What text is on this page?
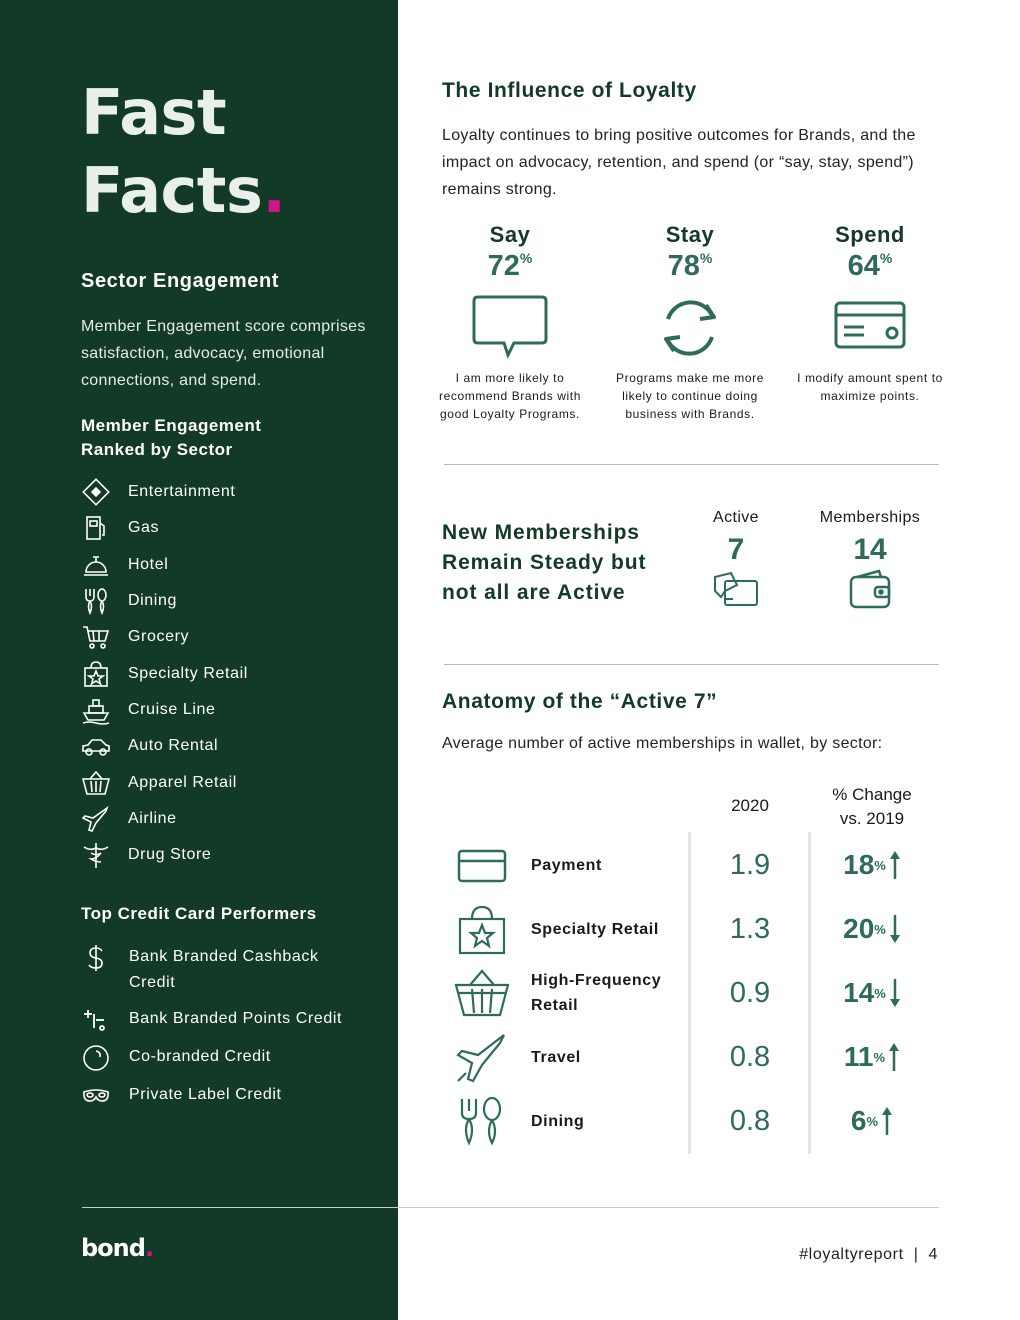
Fast
Facts.
Sector Engagement
Member Engagement score comprises satisfaction, advocacy, emotional connections, and spend.
Member Engagement
Ranked by Sector
Entertainment
Gas
Hotel
Dining
Grocery
Specialty Retail
Cruise Line
Auto Rental
Apparel Retail
Airline
Drug Store
Top Credit Card Performers
Bank Branded Cashback Credit
Bank Branded Points Credit
Co-branded Credit
Private Label Credit
bond.
The Influence of Loyalty
Loyalty continues to bring positive outcomes for Brands, and the impact on advocacy, retention, and spend (or “say, stay, spend”) remains strong.
Say
72%
I am more likely to recommend Brands with good Loyalty Programs.
Stay
78%
Programs make me more likely to continue doing business with Brands.
Spend
64%
I modify amount spent to maximize points.
New Memberships Remain Steady but not all are Active
Active
7
Memberships
14
Anatomy of the “Active 7”
Average number of active memberships in wallet, by sector:
2020
% Change
vs. 2019
Payment	1.9	18 %
Specialty Retail	1.3	20 %
High-Frequency Retail	0.9	14 %
Travel	0.8	11 %
Dining	0.8	6 %
#loyaltyreport | 4
